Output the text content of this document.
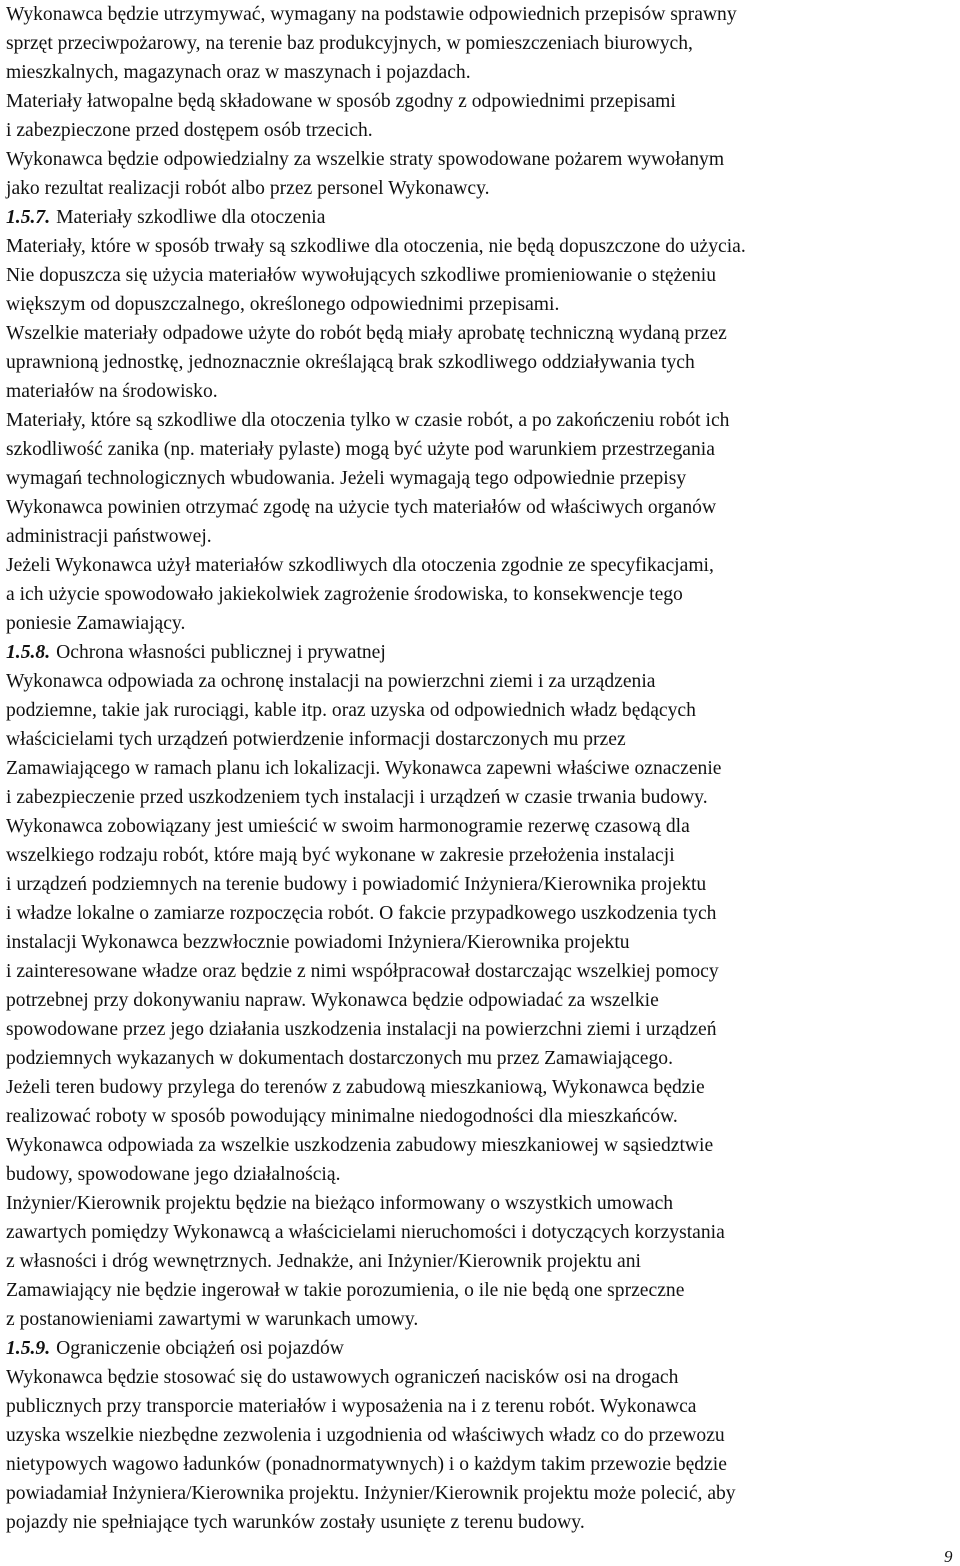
Wykonawca będzie utrzymywać, wymagany na podstawie odpowiednich przepisów sprawny
sprzęt przeciwpożarowy, na terenie baz produkcyjnych, w pomieszczeniach biurowych,
mieszkalnych, magazynach oraz w maszynach i pojazdach.
Materiały łatwopalne będą składowane w sposób zgodny z odpowiednimi przepisami
i zabezpieczone przed dostępem osób trzecich.
Wykonawca będzie odpowiedzialny za wszelkie straty spowodowane pożarem wywołanym
jako rezultat realizacji robót albo przez personel Wykonawcy.
1.5.7. Materiały szkodliwe dla otoczenia
Materiały, które w sposób trwały są szkodliwe dla otoczenia, nie będą dopuszczone do użycia.
Nie dopuszcza się użycia materiałów wywołujących szkodliwe promieniowanie o stężeniu
większym od dopuszczalnego, określonego odpowiednimi przepisami.
Wszelkie materiały odpadowe użyte do robót będą miały aprobatę techniczną wydaną przez
uprawnioną jednostkę, jednoznacznie określającą brak szkodliwego oddziaływania tych
materiałów na środowisko.
Materiały, które są szkodliwe dla otoczenia tylko w czasie robót, a po zakończeniu robót ich
szkodliwość zanika (np. materiały pylaste) mogą być użyte pod warunkiem przestrzegania
wymagań technologicznych wbudowania. Jeżeli wymagają tego odpowiednie przepisy
Wykonawca powinien otrzymać zgodę na użycie tych materiałów od właściwych organów
administracji państwowej.
Jeżeli Wykonawca użył materiałów szkodliwych dla otoczenia zgodnie ze specyfikacjami,
a ich użycie spowodowało jakiekolwiek zagrożenie środowiska, to konsekwencje tego
poniesie Zamawiający.
1.5.8. Ochrona własności publicznej i prywatnej
Wykonawca odpowiada za ochronę instalacji na powierzchni ziemi i za urządzenia
podziemne, takie jak rurociągi, kable itp. oraz uzyska od odpowiednich władz będących
właścicielami tych urządzeń potwierdzenie informacji dostarczonych mu przez
Zamawiającego w ramach planu ich lokalizacji. Wykonawca zapewni właściwe oznaczenie
i zabezpieczenie przed uszkodzeniem tych instalacji i urządzeń w czasie trwania budowy.
Wykonawca zobowiązany jest umieścić w swoim harmonogramie rezerwę czasową dla
wszelkiego rodzaju robót, które mają być wykonane w zakresie przełożenia instalacji
i urządzeń podziemnych na terenie budowy i powiadomić Inżyniera/Kierownika projektu
i władze lokalne o zamiarze rozpoczęcia robót. O fakcie przypadkowego uszkodzenia tych
instalacji Wykonawca bezzwłocznie powiadomi Inżyniera/Kierownika projektu
i zainteresowane władze oraz będzie z nimi współpracował dostarczając wszelkiej pomocy
potrzebnej przy dokonywaniu napraw. Wykonawca będzie odpowiadać za wszelkie
spowodowane przez jego działania uszkodzenia instalacji na powierzchni ziemi i urządzeń
podziemnych wykazanych w dokumentach dostarczonych mu przez Zamawiającego.
Jeżeli teren budowy przylega do terenów z zabudową mieszkaniową, Wykonawca będzie
realizować roboty w sposób powodujący minimalne niedogodności dla mieszkańców.
Wykonawca odpowiada za wszelkie uszkodzenia zabudowy mieszkaniowej w sąsiedztwie
budowy, spowodowane jego działalnością.
Inżynier/Kierownik projektu będzie na bieżąco informowany o wszystkich umowach
zawartych pomiędzy Wykonawcą a właścicielami nieruchomości i dotyczących korzystania
z własności i dróg wewnętrznych. Jednakże, ani Inżynier/Kierownik projektu ani
Zamawiający nie będzie ingerował w takie porozumienia, o ile nie będą one sprzeczne
z postanowieniami zawartymi w warunkach umowy.
1.5.9. Ograniczenie obciążeń osi pojazdów
Wykonawca będzie stosować się do ustawowych ograniczeń nacisków osi na drogach
publicznych przy transporcie materiałów i wyposażenia na i z terenu robót. Wykonawca
uzyska wszelkie niezbędne zezwolenia i uzgodnienia od właściwych władz co do przewozu
nietypowych wagowo ładunków (ponadnormatywnych) i o każdym takim przewozie będzie
powiadamiał Inżyniera/Kierownika projektu. Inżynier/Kierownik projektu może polecić, aby
pojazdy nie spełniające tych warunków zostały usunięte z terenu budowy.
9
